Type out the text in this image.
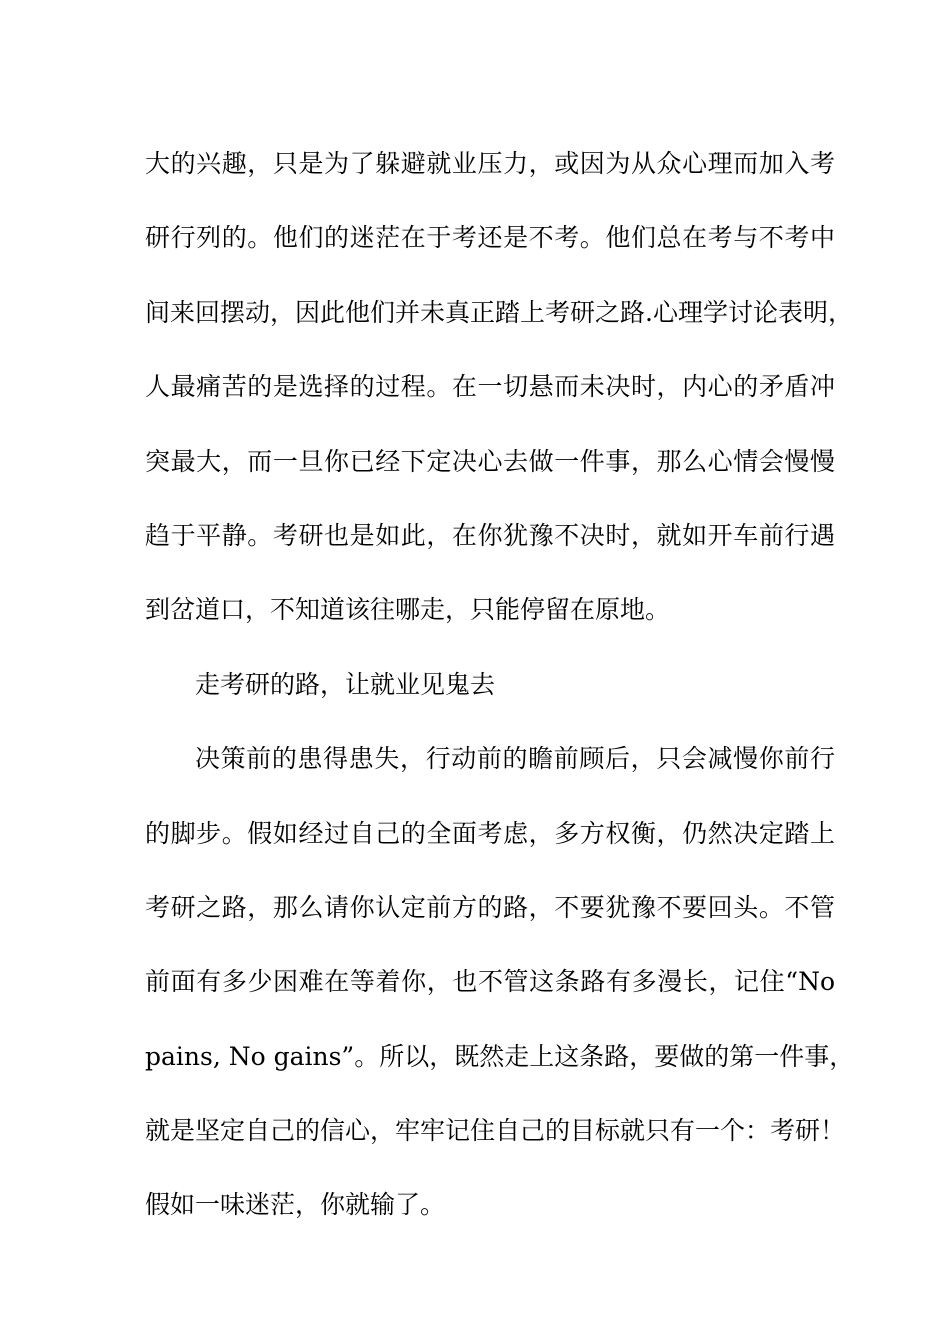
大的兴趣，只是为了躲避就业压力，或因为从众心理而加入考
研行列的。他们的迷茫在于考还是不考。他们总在考与不考中
间来回摆动，因此他们并未真正踏上考研之路.心理学讨论表明，
人最痛苦的是选择的过程。在一切悬而未决时，内心的矛盾冲
突最大，而一旦你已经下定决心去做一件事，那么心情会慢慢
趋于平静。考研也是如此，在你犹豫不决时，就如开车前行遇
到岔道口，不知道该往哪走，只能停留在原地。
走考研的路，让就业见鬼去
决策前的患得患失，行动前的瞻前顾后，只会减慢你前行
的脚步。假如经过自己的全面考虑，多方权衡，仍然决定踏上
考研之路，那么请你认定前方的路，不要犹豫不要回头。不管
前面有多少困难在等着你，也不管这条路有多漫长，记住“No
pains, No gains”。所以，既然走上这条路，要做的第一件事，
就是坚定自己的信心，牢牢记住自己的目标就只有一个：考研！
假如一味迷茫，你就输了。
